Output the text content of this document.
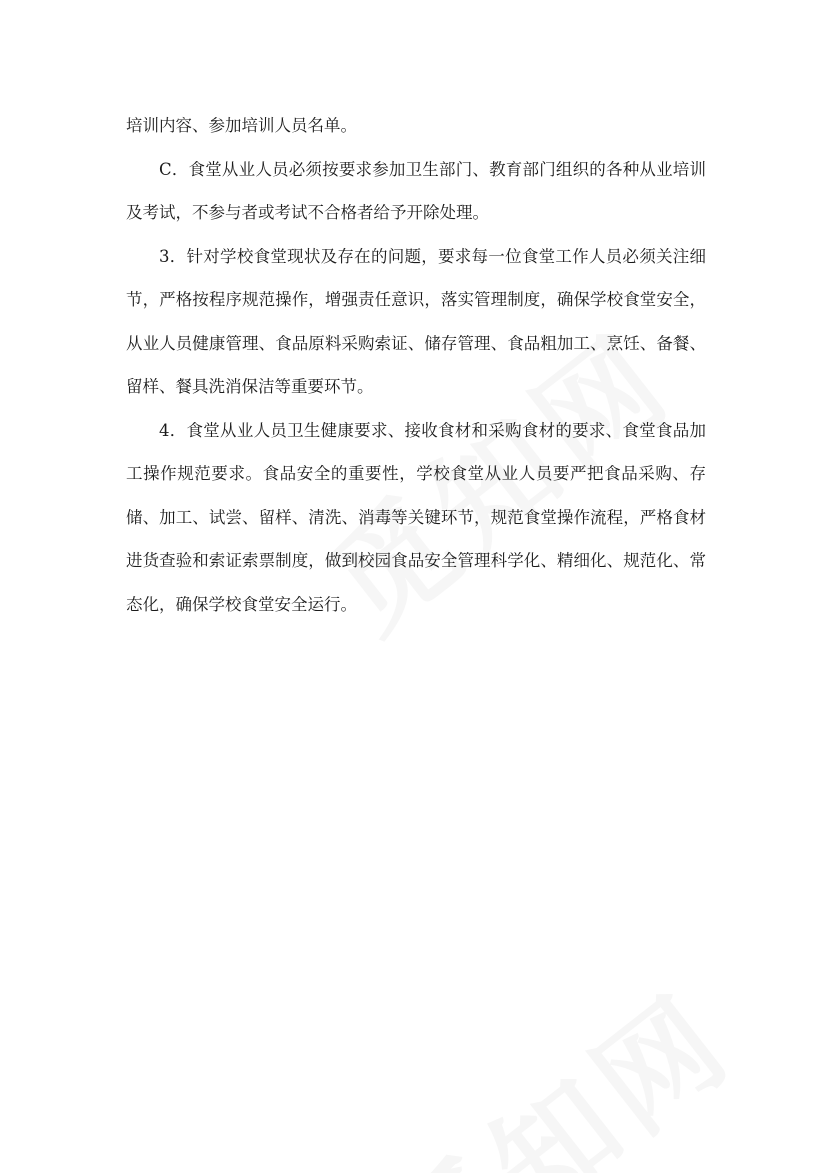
培训内容、参加培训人员名单。

C．食堂从业人员必须按要求参加卫生部门、教育部门组织的各种从业培训及考试，不参与者或考试不合格者给予开除处理。

3．针对学校食堂现状及存在的问题，要求每一位食堂工作人员必须关注细节，严格按程序规范操作，增强责任意识，落实管理制度，确保学校食堂安全，从业人员健康管理、食品原料采购索证、储存管理、食品粗加工、烹饪、备餐、留样、餐具洗消保洁等重要环节。

4．食堂从业人员卫生健康要求、接收食材和采购食材的要求、食堂食品加工操作规范要求。食品安全的重要性，学校食堂从业人员要严把食品采购、存储、加工、试尝、留样、清洗、消毒等关键环节，规范食堂操作流程，严格食材进货查验和索证索票制度，做到校园食品安全管理科学化、精细化、规范化、常态化，确保学校食堂安全运行。
